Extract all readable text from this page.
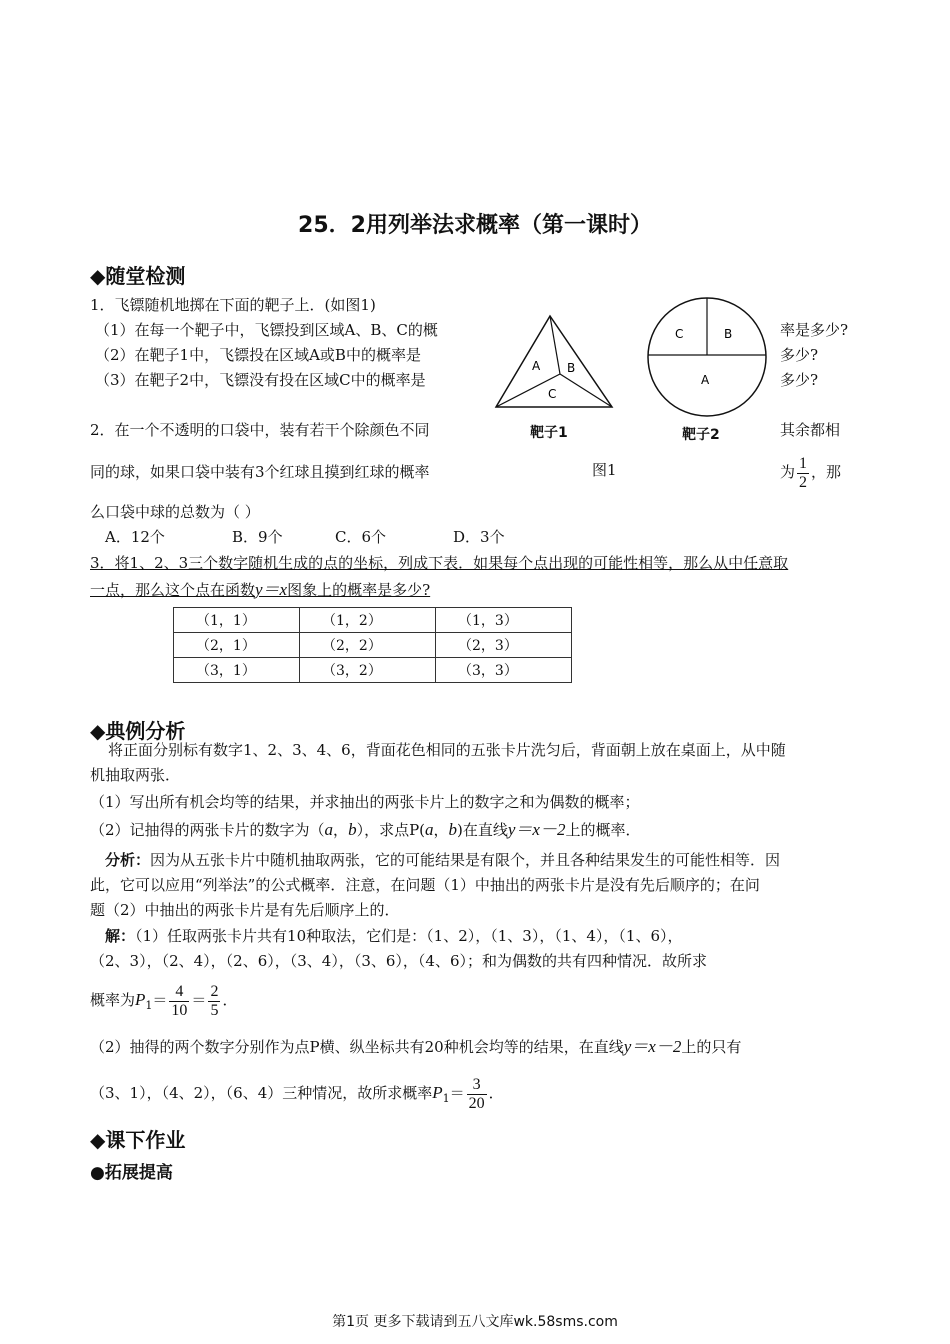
25．2用列举法求概率（第一课时）
◆随堂检测
1．飞镖随机地掷在下面的靶子上．(如图1)
（1）在每一个靶子中，飞镖投到区域A、B、C的概
（2）在靶子1中，飞镖投在区域A或B中的概率是
（3）在靶子2中，飞镖没有投在区域C中的概率是
率是多少?
多少?
多少?
A B
C
靶子1
C	B
A
靶子2
图1
2．在一个不透明的口袋中，装有若干个除颜色不同	其余都相
同的球，如果口袋中装有3个红球且摸到红球的概率	为 $\frac{1}{2}$ ，那
么口袋中球的总数为（ ）
A．12个	B．9个	C．6个	D．3个
3．将1、2、3三个数字随机生成的点的坐标，列成下表．如果每个点出现的可能性相等，那么从中任意取
一点，那么这个点在函数y＝x图象上的概率是多少?
（1，1）	（1，2）	（1，3）
（2，1）	（2，2）	（2，3）
（3，1）	（3，2）	（3，3）
◆典例分析
将正面分别标有数字1、2、3、4、6，背面花色相同的五张卡片洗匀后，背面朝上放在桌面上，从中随
机抽取两张．
（1）写出所有机会均等的结果，并求抽出的两张卡片上的数字之和为偶数的概率；
（2）记抽得的两张卡片的数字为（a，b），求点P(a，b)在直线y＝x－2上的概率．
分析：因为从五张卡片中随机抽取两张，它的可能结果是有限个，并且各种结果发生的可能性相等．因
此，它可以应用“列举法”的公式概率．注意，在问题（1）中抽出的两张卡片是没有先后顺序的；在问
题（2）中抽出的两张卡片是有先后顺序上的．
解：（1）任取两张卡片共有10种取法，它们是：（1、2），（1、3），（1、4），（1、6），
（2、3），（2、4），（2、6），（3、4），（3、6），（4、6）；和为偶数的共有四种情况．故所求
概率为$P_1= \frac{4}{10} = \frac{2}{5}$ ．
（2）抽得的两个数字分别作为点P横、纵坐标共有20种机会均等的结果，在直线y＝x－2上的只有
（3、1），（4、2），（6、4）三种情况，故所求概率$P_1= \frac{3}{20}$ ．
◆课下作业
●拓展提高
第1页 更多下载请到五八文库wk.58sms.com
